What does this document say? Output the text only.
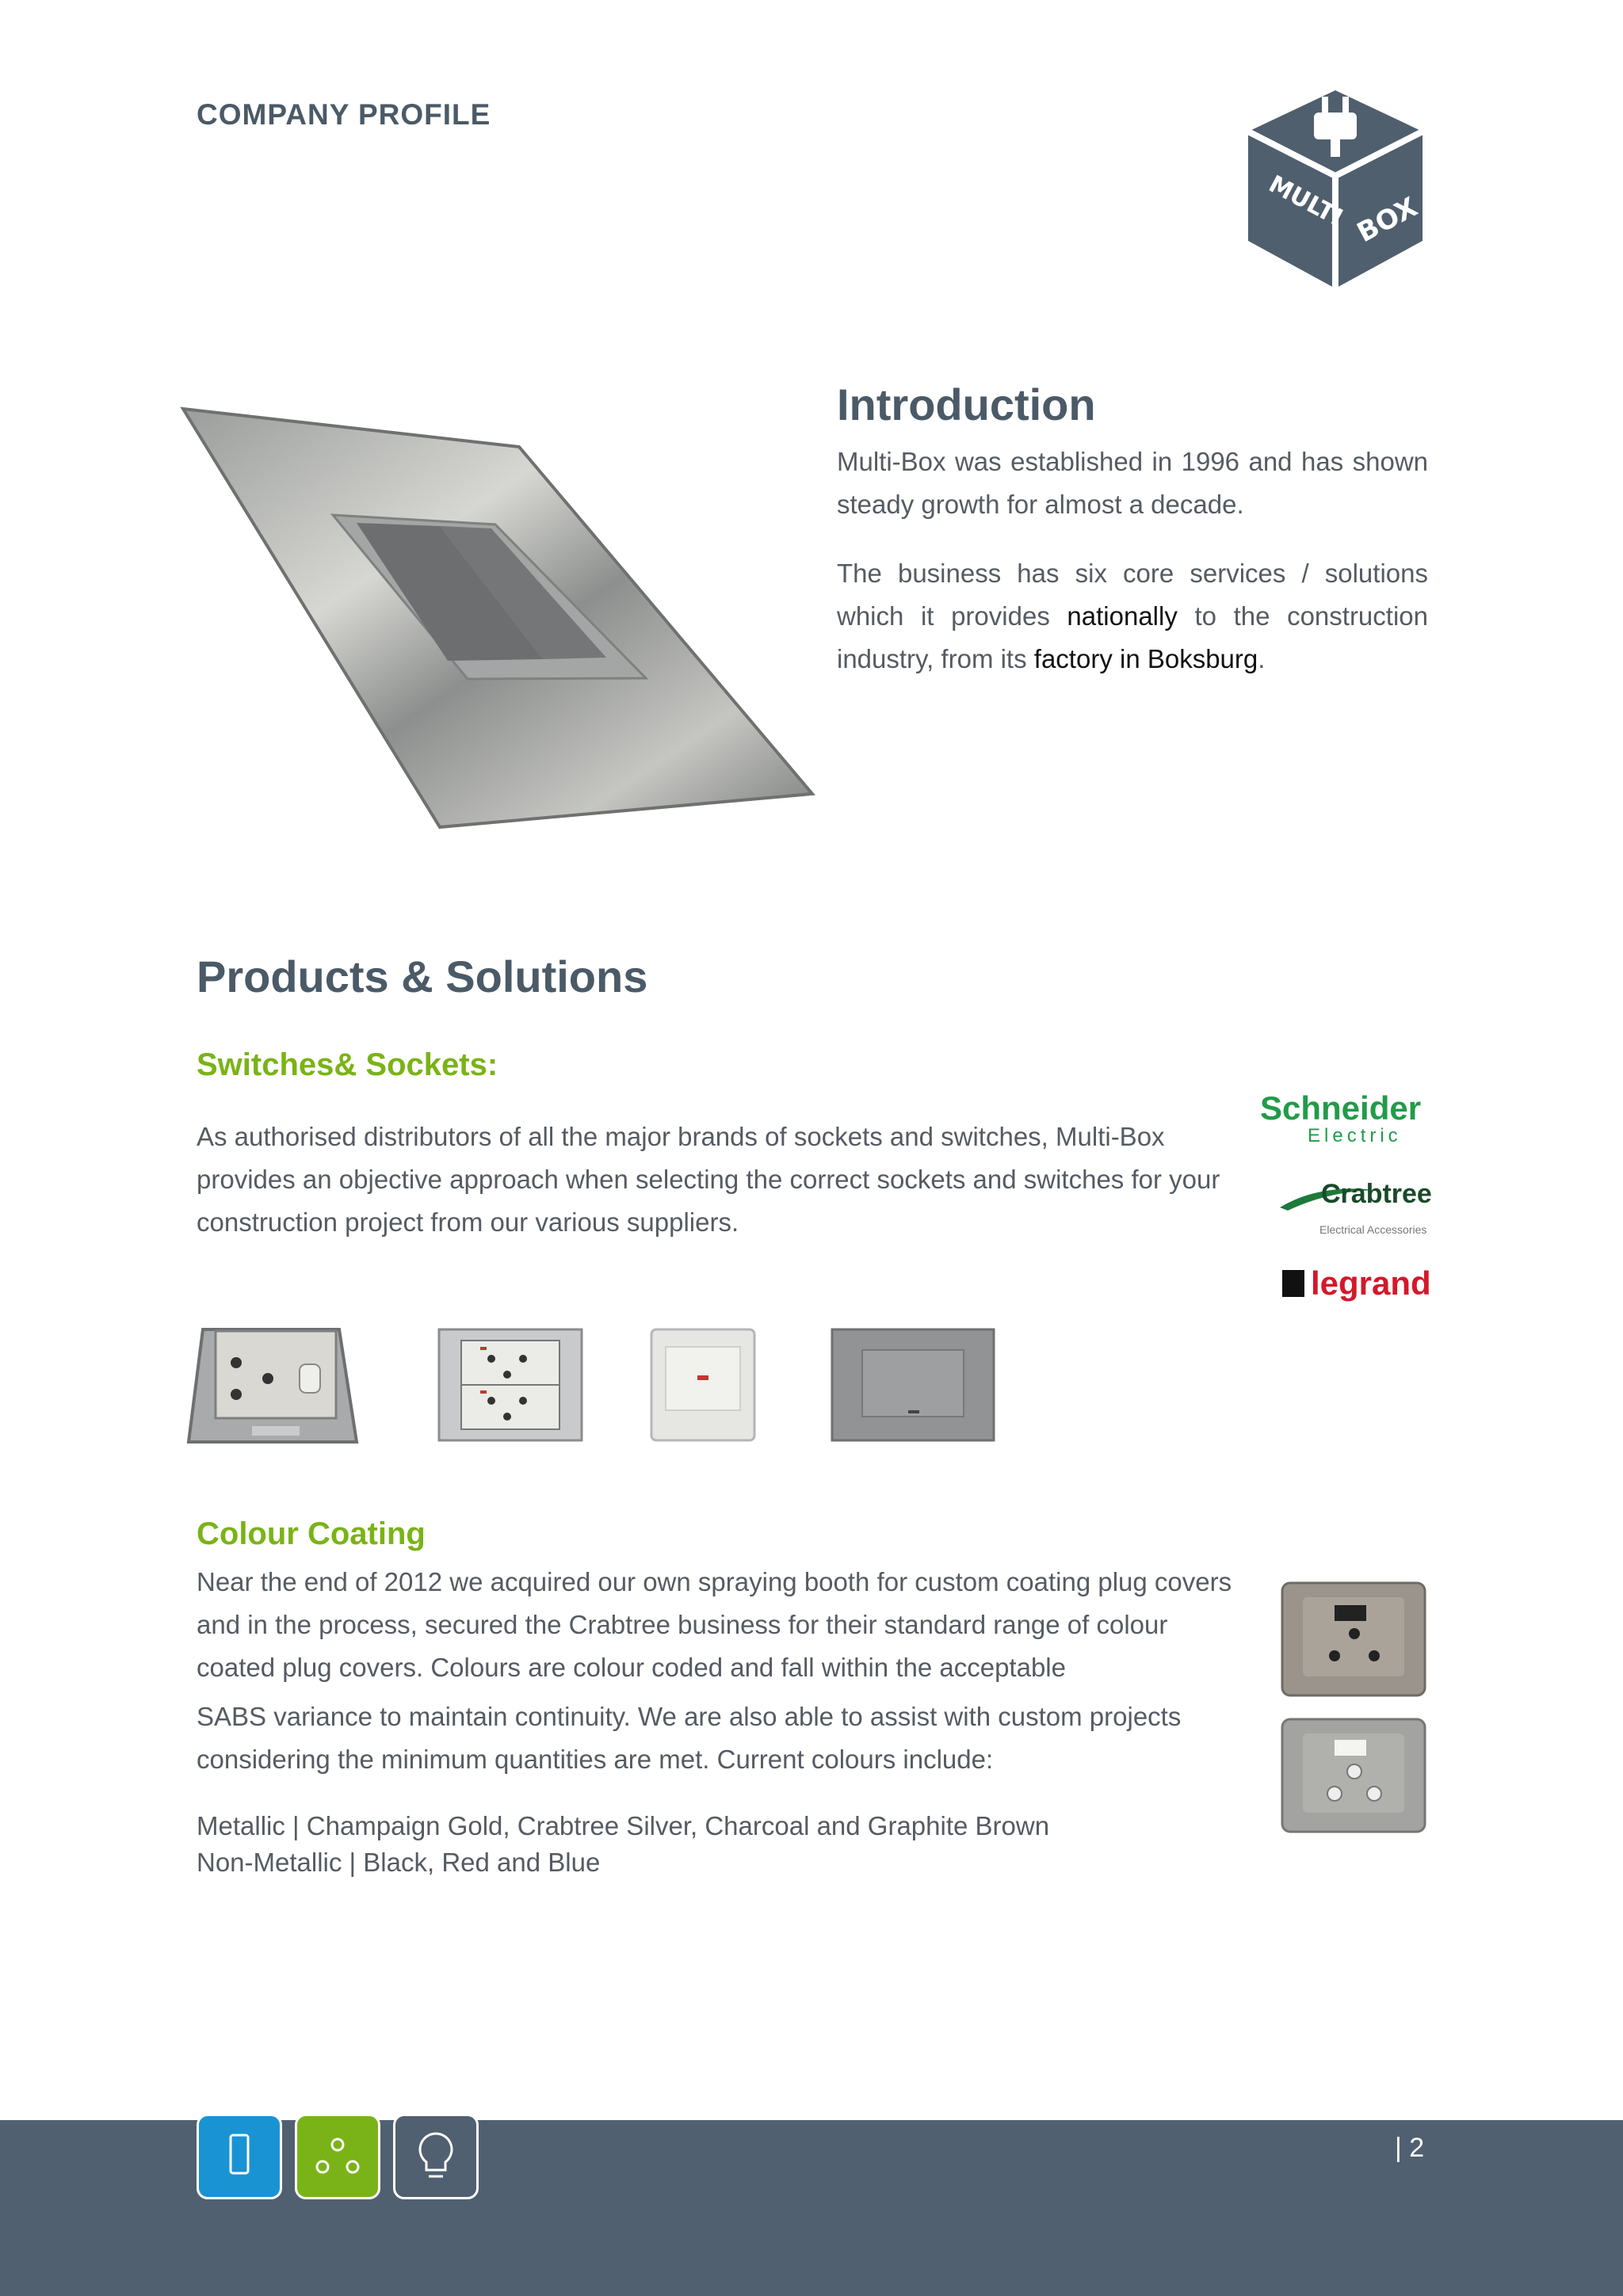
COMPANY PROFILE
MULTI BOX
Introduction
Multi-Box was established in 1996 and has shown steady growth for almost a decade.
The business has six core services / solutions which it provides nationally to the construction industry, from its factory in Boksburg.
Products & Solutions
Switches& Sockets:
As authorised distributors of all the major brands of sockets and switches, Multi-Box provides an objective approach when selecting the correct sockets and switches for your construction project from our various suppliers.
Schneider
Electric
Crabtree
Electrical Accessories
legrand
Colour Coating
Near the end of 2012 we acquired our own spraying booth for custom coating plug covers and in the process, secured the Crabtree business for their standard range of colour coated plug covers. Colours are colour coded and fall within the acceptable
SABS variance to maintain continuity. We are also able to assist with custom projects considering the minimum quantities are met. Current colours include:
Metallic | Champaign Gold, Crabtree Silver, Charcoal and Graphite Brown
Non-Metallic | Black, Red and Blue
| 2
